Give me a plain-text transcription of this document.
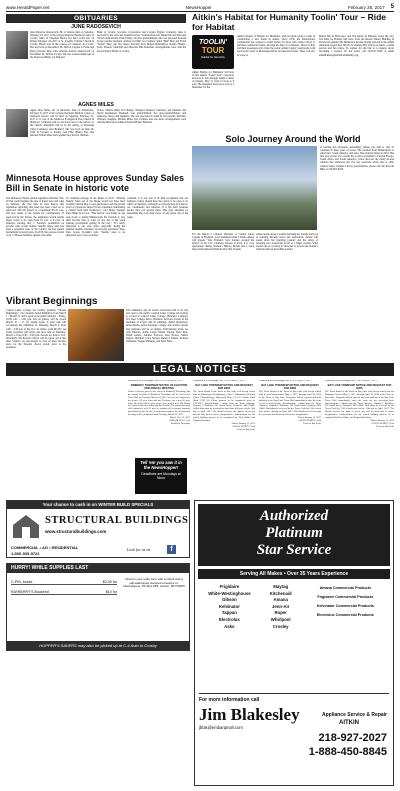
www.HeraldPaper.net	NewsHopper	February 25, 2017 5
OBITUARIES
JUNE RADOSEVICH
June Marlowe Radosevich, 88, of Ironton died on Saturday, February 18, 2017 at the Cuyuna Regional Medical Center in Crosby. Mass of Christian Burial was held 11:00 a.m. on Friday, February 24, 2017 at St. Joseph's Catholic Church in Crosby. Burial was in the Lakewood Cemetery in Crosby. She was born on December 28, 1928 in Cuyuna to Frank and Ethel (Larsen) May. June married Andrew Radosevich on November 22, 1952 in Crosby. She was a retired employee of the Deerwood Bank, 1st National
Bank of Crosby, Scorpion Corporation and Cuyuna Engine Company. June is survived by her sons and daughter-in-law: Todd Radosevich, Burnsville and Paul and Victoria Radosevich, Eden Prairie; and five grandchildren. She was preceded in death by her parents; husband, Andrew in 1996; two brothers: Allen "Bud" May and Frank "Sonny" May; and five sisters: Dorothy Kurt, Marian Bennington, Norma "Birdie" Saari, Eleanor Churchill and Marcella Hill-Nederhan. Arrangements were with the Koop Funeral Home of Crosby.
AGNES MILES
Agnes Mae Miles, 92, of McGrath, died on Wednesday, February 8, 2017 at the Cuyuna Regional Medical Center. A memorial service will be held on Saturday, February 25, 2017 at 11 a.m. at the Mahtowa Evangelical Free Church in Mahtowa. Visitation will be one hour prior to the service, at the church. Interment will be in the spring, at Riverside Union Cemetery, near Brainerd. She was born on June 28, 1930 in Swatara to Stanley and Effie (Batty) Nix. She married Wilbur Miles and together they had six children.
in-law: Maurie Dinh, Fort Ripley; Margaret Brenard, Starbuck; and Marietta and David Rasmussen, Brainerd; four grandchildren; five great-grandchildren; and numerous nieces and nephews. She was preceded in death by her parents; husband, Wilburn; daughter, Maxine Miles; five brothers and one sister. Arrangements were with the Halvorson Johnson Funeral Home, Brainerd.
Aitkin's Habitat for Humanity Toolin' Tour – Ride for Habitat
TOOLIN'
TOUR
Habitat for Humanity
Aitkin Habitat for Humanity will host its first annual "Toolin' Tour", a six-hour motorcycle ride through Aitkin County on Sunday, May 21 from 12 noon to 6 p.m. The inaugural motorcycle tour is a fundraiser for the
Aitkin Chapter of Habitat for Humanity, with proceeds going to help in constructing a new home in Aitkin. Since 1976, the international organization has worked to build homes for those who cannot afford to purchase traditional homes, through the help of volunteers. Motorcyclists and their passengers will cruise the scenic Aitkin County countryside, with spectacular views of Mississippi River and national forests. There will also be stops at
Mark's Bar in McGregor, and The Rustic in Palisade, along the way. The Ride for Habitat will leave from the historic Butler Building in Downtown Aitkin (301 Minnesota Avenue North) and end at the Aitkin American Legion Post 86 (20 1st Avenue NE) with food, music, a silent auction and fun prizes. To register for the ride or to inquire about becoming a sponsor for the event, call 218-927-5626 or email aitkinhabitat@habitatforhumanity.org.
Solo Journey Around the World
of healing and adventure. Amazingly, Allene was able to visit 41 countries in three years of travel. She traveled from Minneapolis to Antarctica, South America, and Asia. She returned home in 2016. Her first stop on the way around the world was Duluth to Eastern Europe, South Africa and South America. Come discover the many diverse cultures that embraced her. For any questions about this or other Central Lakes Campus Library presentations, please call Jan Kloeckl Bliss at 218-855-8183.
For the March 2 Cultural Thursday at Central Lakes College in Brainerd, local businesswoman Claudia Allene will present "One Woman's Solo Journey Around the World" in the CLC Chalberg Theater at noon. It is very appropriate during Women's History Month and a week before International Women's Day that Claudia
Allene speak about a woman pursuing her dreams and love of learning through travel and exploration. Allene will speak about her inspiring journey and the safety of traveling solo around the world as a single woman. What started out as a journey to allow her to process her mother's death became an incredible journey
Minnesota House approves Sunday Sales Bill in Senate in historic vote
The Minnesota House passed legislation Monday, Feb. 20 that would legalize the sale of liquor, beer and wine on Sundays, the first time in state history that legislation regarding this issue has been voted on or approved. The bill passed on a bipartisan 85-45 vote, and now heads to the Senate for consideration. If approved by the Senate, the legislation would permit liquor stores to be open from 10 a.m. to 6 p.m. on Sundays, starting July 1. Sunday's prohibition on growler sales would remain. Sunday liquor sales has been a perennial issue at the Capitol, but has gained momentum in recent years. In 2015, the process started to pit 71 House members against each other.
its continual passage in the House in 2017. "Passing Sunday Sales out of the House would not have been possible without Rep. Loon's persistence and the ground swell of grassroots support from consumers demanding a change from their legislators," said House Speaker Kurt Daudt, R-Crown. "This historic vote brings us one step closer to giving Minnesotans the freedom to buy their favorite beer or wine on any day of the week without government getting in the way." "It's really important to our area, since, especially during the summer months, tourism is an ever-day operation," Rep. Dale Lueck, R-Aitkin said. "Sunday sales is an important part of our economy."
weekend. It is one win to fit Paul recognition that our business owners should have the option to be open or do what's on Sundays, a lifestyle we already have provided to our constituents and wineries. If it fits their business model, they can operate there. This state shouldn't be mandating they lock their doors on any given day of the week.
Vibrant Beginnings
Central Lakes College Art Gallery presents "Vibrant Beginnings", CLC Student Juried Exhibition from March 1 – March 31, and is open to the public Monday – Friday, 10:00 a.m. – 5:00 p.m. The art gallery will be closed March 10 – 17, for spring break. A juror talk will accompany the exhibition on Thursday, March 2, from 2:00 – 2:30 p.m. in the CLC art studio, room #E-457. An artists reception will follow the juror talk on Thursday, March 2, from 2:30 – 3:00 p.m. awards for Juror's, CLC President's and People's choice will be given out at this time. Visitors are encouraged to vote on their favorite piece for the People's choice award, prior to the reception.
This exhibition and all events associated with it are free and open to the public. Central Lakes College Art Gallery is located at Central Lakes College (Brainerd Campus), 501 West College Drive, Brainerd. Artwork created in the mediums of acrylic and oil paintings, digital illustration, mixed media, pencil drawings, collage, and ceramic vessels and sculpture will be on display. Participating artists are Aris Eduardo, Addie Carter, Daniel Truong, Dana Paul, Elijah Gabrio, Jennifer Fadcock, Kira Howes, Mattie Nelson, Mitchell Corey Nelson, Rebecca Smude, Roberta Schneider, Teagan Mahaney, and Tyler Haas.
LEGAL NOTICES
(Published in NewsHopper Sat., Feb. 25 & Mar. 4, 2017)
KIMBERLY TOWNSHIP NOTICE OF ELECTION AND ANNUAL MEETING
Notice is hereby given to the voters of Kimberly Township, that the annual election of Kimberly Township will be held at the Town Hall on Tuesday, March 14, 2017, to elect one Supervisor for a three (3) year term and one Treasurer for a two (2) year term. The polls will be open from 5 p.m. until 8 p.m. The Board of Canvass will meet following the election. The annual meeting will commence at 8:15 p.m. to conduct all necessary business prescribed by law. In case of inclement weather, the election and meeting will be postponed until Tuesday, March 21, 2017.
Dated: Feb. 15, 2017
KIM MILLER, Clerk
Kimberly Township
(Published in NewsHopper Sat., Feb. 18 and 25, 2017)
BAY LAKE TOWNSHIP NOTICE AND REQUEST FOR BIDS
The Town Board of the Town of Bay Lake will accept sealed bids for Bituminous Reclamation, Class 5, Bituminous Wearing (Class 1 Shouldering), Edgewood Drive 3,151 LF, Battle Point Road 2,253 LF. Please provide to be completed prior to 7/31/2017. Specifications - obtain from the Town Attorney, Virginia J. Knudson, 303 South Street, Brainerd, MN 56401. Sealed bids must be received no later than 4:00 p.m. on the 11th day of April, 2017. The Board reserves the right to reject any and all bids and to waive irregularities. Authorization for the sealed bidding process to be completed by: Don Wabie and Virginia Knudson.
Dated: January 13, 2017
CAROL PUNDT, Clerk
Town of Bay Lake
(Published in NewsHopper Sat., Feb. 18 and 25, 2017)
BAY LAKE TOWNSHIP NOTICE AND REQUEST FOR BIDS
The Town Board of the Town of Bay Lake will accept sealed bids for road maintenance May 1, 2017, through April 30, 2018 in the Town of Bay Lake. Proposals will be opened and read publicly at the Bay Lake Town Hall immediately after the hour set for receiving bids. Specifications - obtain from the Town Attorney, Virginia J. Knudson, 303 South Street, Brainerd, MN 56401. Bids must be received by the Town Clerk by 7:00 o'clock p.m. on the 11th day of April, 2017. The Board reserves the right to reject any and all bids and to waive irregularities.
Dated: January 13, 2017
CAROL PUNDT, Clerk
Town of Bay Lake
(Published in NewsHopper Sat., Feb. 18 and 25, 2017)
BAY LAKE TOWNSHIP NOTICE AND REQUEST FOR BIDS
The Town Board of the Town of Bay Lake will accept sealed bids for Dumpster Service May 1, 2017, through April 30, 2018 in the Town of Bay Lake. Proposals will be opened and read publicly at the Bay Lake Town Hall immediately after the hour set for receiving bids. Specifications - obtain from the Town Attorney, Virginia J. Knudson, 303 South Street, Brainerd, MN 56401. Bids must be received by the Town Clerk by 7:00 o'clock p.m. on the 11th day of April, 2017. The Board reserves the right to reject any and all bids and to waive irregularities. Authorization for the sealed bidding process to be completed by Don Wabie and Virginia Knudson.
Dated: January 13, 2017
CAROL PUNDT, Clerk
Town of Bay Lake
Tell 'em you saw it in the NewsHopper!
Deadlines are Mondays at Noon
Your chance to cash in on WINTER BUILD SPECIALS
STRUCTURAL BUILDINGS
www.structuralbuildings.com
COMMERCIAL • AG • RESIDENTIAL
1-800-535-9722
Look for us on	f
HURRY! WHILE SUPPLIES LAST
C-PIN, books	$2.00 for
RAYBERRY'S Bookend	$10 for
Send in your order form with a check and a self-addressed stamped envelope to: NewsHopper, PO Box 582, Ironton, MN 56455
HOPPER'S SAVERS may also be picked up at C-4 Auto in Crosby
Authorized
Platinum
Star Service
Serving All Makes • Over 35 Years Experience
Frigidaire
White-Westinghouse
Gibson
Kelvinator
Tappan
Electrolux
Asko
Maytag
Kitchenaid
Amana
Jenn-Air
Roper
Whirlpool
Crosley
Amana Commercial Products
Frigidaire Commercial Products
Kelvinator Commercial Products
Electrolux Commercial Products
For more information call
Jim Blakesley
jblak@embarqmail.com
Appliance Service & Repair
AITKIN
218-927-2027
1-888-450-8845
